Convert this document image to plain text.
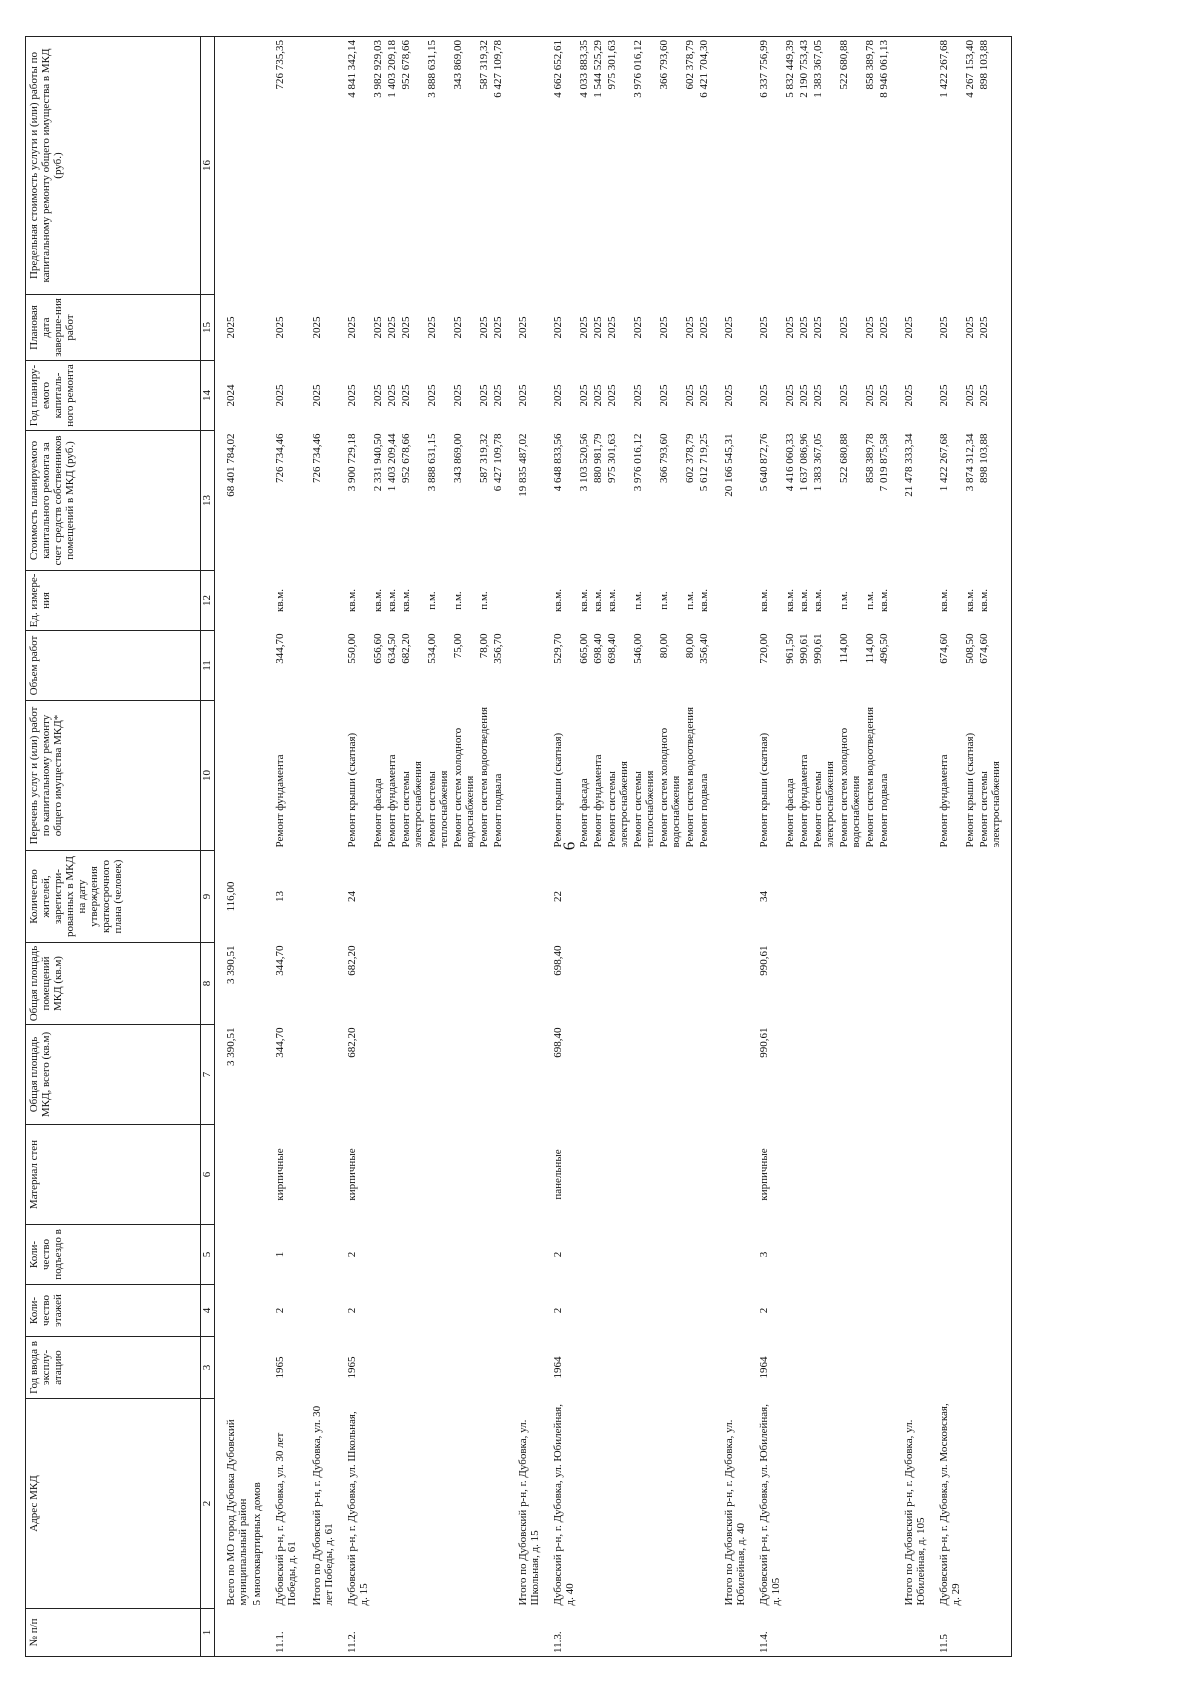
6
№ п/п	Адрес МКД	Год ввода в эксплу-атацию	Коли-чество этажей	Коли-чество подъездо в	Материал стен	Общая площадь МКД, всего (кв.м)	Общая площадь помещений МКД (кв.м)	Количество жителей, зарегистри-рованных в МКД на дату утверждения краткосрочного плана (человек)	Перечень услуг и (или) работ по капитальному ремонту общего имущества МКД*	Объем работ	Ед. измере-ния	Стоимость планируемого капитального ремонта за счет средств собственников помещений в МКД (руб.)	Год планиру-емого капиталь-ного ремонта	Плановая дата заверше-ния работ	Предельная стоимость услуги и (или) работы по капитальному ремонту общего имущества в МКД (руб.)
1	2	3	4	5	6	7	8	9	10	11	12	13	14	15	16
	Всего по МО город Дубовка Дубовский муниципальный район					3 390,51	3 390,51	116,00				68 401 784,02	2024	2025	
	5 многоквартирных домов														
11.1.	Дубовский р-н, г. Дубовка, ул. 30 лет Победы, д. 61	1965	2	1	кирпичные	344,70	344,70	13	Ремонт фундамента	344,70	кв.м.	726 734,46	2025	2025	726 735,35
	Итого по Дубовский р-н, г. Дубовка, ул. 30 лет Победы, д. 61											726 734,46	2025	2025	
11.2.	Дубовский р-н, г. Дубовка, ул. Школьная, д. 15	1965	2	2	кирпичные	682,20	682,20	24	Ремонт крыши (скатная)	550,00	кв.м.	3 900 729,18	2025	2025	4 841 342,14
									Ремонт фасада	656,60	кв.м.	2 331 940,50	2025	2025	3 982 929,03
									Ремонт фундамента	634,50	кв.м.	1 403 209,44	2025	2025	1 403 209,18
									Ремонт системы электроснабжения	682,20	кв.м.	952 678,66	2025	2025	952 678,66
									Ремонт системы теплоснабжения	534,00	п.м.	3 888 631,15	2025	2025	3 888 631,15
									Ремонт систем холодного водоснабжения	75,00	п.м.	343 869,00	2025	2025	343 869,00
									Ремонт систем водоотведения	78,00	п.м.	587 319,32	2025	2025	587 319,32
									Ремонт подвала	356,70		6 427 109,78	2025	2025	6 427 109,78
	Итого по Дубовский р-н, г. Дубовка, ул. Школьная, д. 15											19 835 487,02	2025	2025	
11.3.	Дубовский р-н, г. Дубовка, ул. Юбилейная, д. 40	1964	2	2	панельные	698,40	698,40	22	Ремонт крыши (скатная)	529,70	кв.м.	4 648 833,56	2025	2025	4 662 652,61
									Ремонт фасада	665,00	кв.м.	3 103 520,56	2025	2025	4 033 883,35
									Ремонт фундамента	698,40	кв.м.	880 981,79	2025	2025	1 544 525,29
									Ремонт системы электроснабжения	698,40	кв.м.	975 301,63	2025	2025	975 301,63
									Ремонт системы теплоснабжения	546,00	п.м.	3 976 016,12	2025	2025	3 976 016,12
									Ремонт систем холодного водоснабжения	80,00	п.м.	366 793,60	2025	2025	366 793,60
									Ремонт систем водоотведения	80,00	п.м.	602 378,79	2025	2025	602 378,79
									Ремонт подвала	356,40	кв.м.	5 612 719,25	2025	2025	6 421 704,30
	Итого по Дубовский р-н, г. Дубовка, ул. Юбилейная, д. 40											20 166 545,31	2025	2025	
11.4.	Дубовский р-н, г. Дубовка, ул. Юбилейная, д. 105	1964	2	3	кирпичные	990,61	990,61	34	Ремонт крыши (скатная)	720,00	кв.м.	5 640 872,76	2025	2025	6 337 756,99
									Ремонт фасада	961,50	кв.м.	4 416 060,33	2025	2025	5 832 449,39
									Ремонт фундамента	990,61	кв.м.	1 637 086,96	2025	2025	2 190 753,43
									Ремонт системы электроснабжения	990,61	кв.м.	1 383 367,05	2025	2025	1 383 367,05
									Ремонт систем холодного водоснабжения	114,00	п.м.	522 680,88	2025	2025	522 680,88
									Ремонт систем водоотведения	114,00	п.м.	858 389,78	2025	2025	858 389,78
									Ремонт подвала	496,50	кв.м.	7 019 875,58	2025	2025	8 946 061,13
	Итого по Дубовский р-н, г. Дубовка, ул. Юбилейная, д. 105											21 478 333,34	2025	2025	
11.5	Дубовский р-н, г. Дубовка, ул. Московская, д. 29								Ремонт фундамента	674,60	кв.м.	1 422 267,68	2025	2025	1 422 267,68
									Ремонт крыши (скатная)	508,50	кв.м.	3 874 312,34	2025	2025	4 267 153,40
									Ремонт системы электроснабжения	674,60	кв.м.	898 103,88	2025	2025	898 103,88
